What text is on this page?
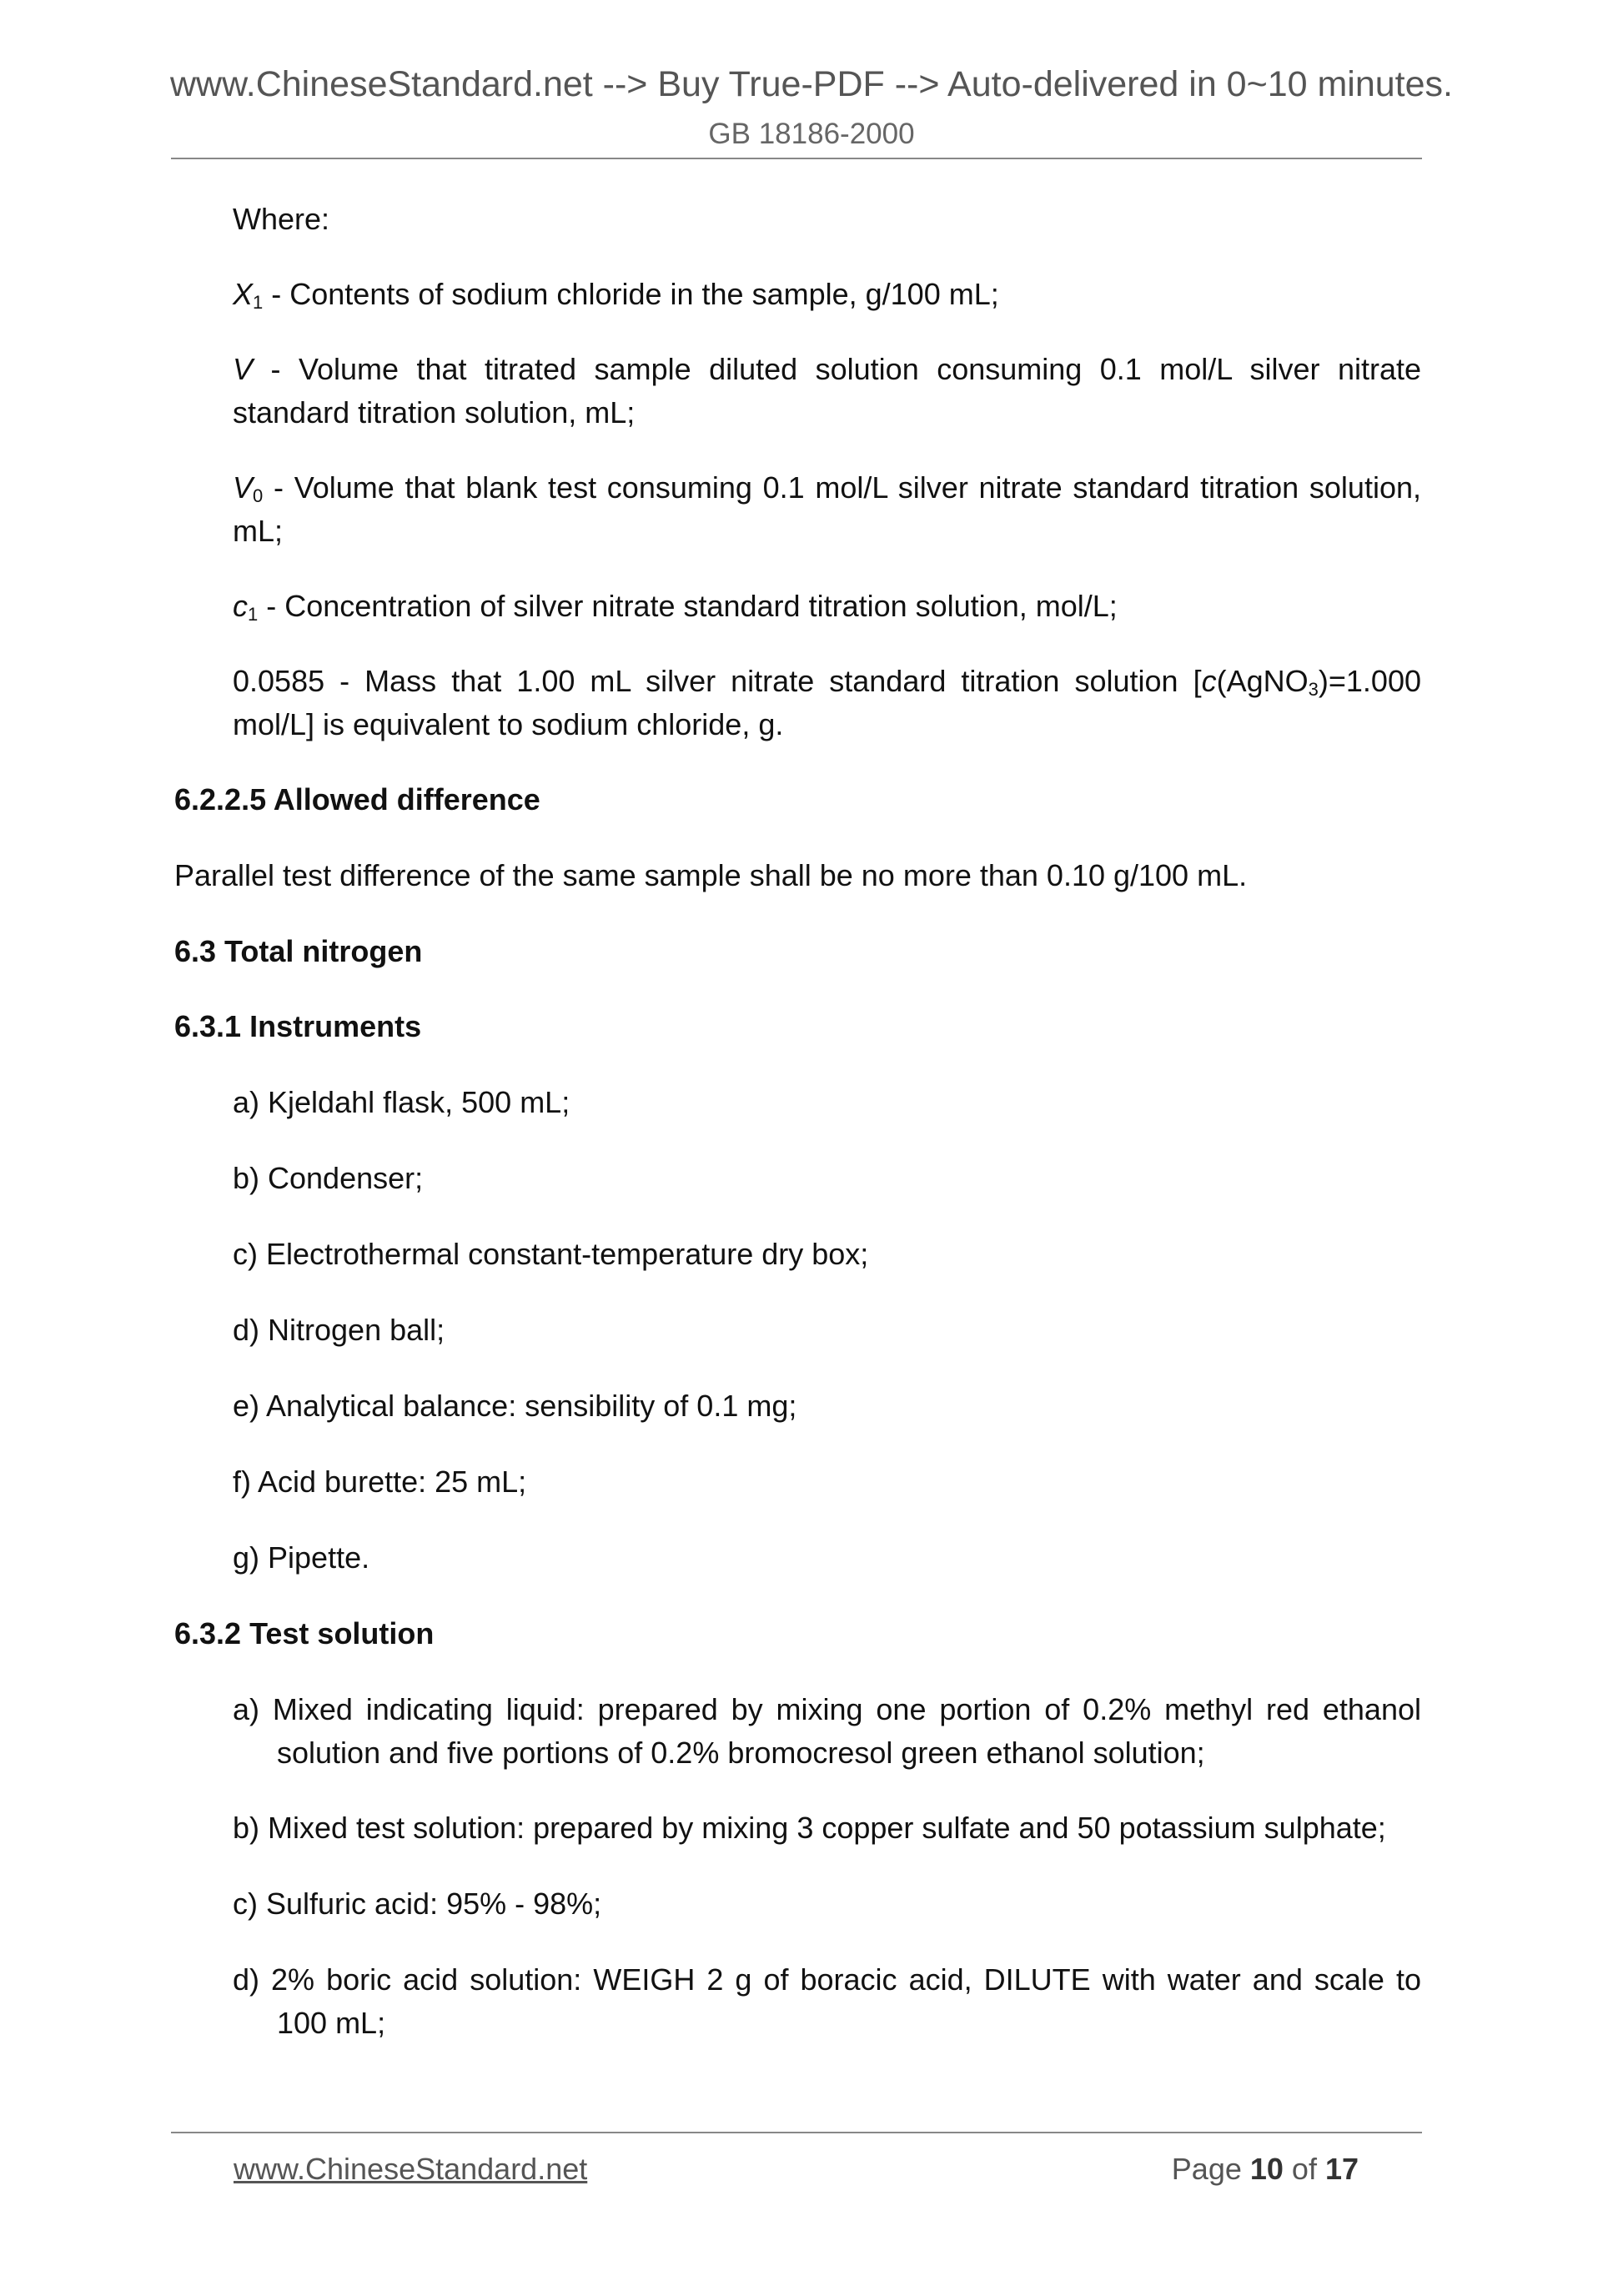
www.ChineseStandard.net --> Buy True-PDF --> Auto-delivered in 0~10 minutes.
GB 18186-2000
Where:
$X_1$ - Contents of sodium chloride in the sample, g/100 mL;
V - Volume that titrated sample diluted solution consuming 0.1 mol/L silver nitrate standard titration solution, mL;
$V_0$ - Volume that blank test consuming 0.1 mol/L silver nitrate standard titration solution, mL;
$c_1$ - Concentration of silver nitrate standard titration solution, mol/L;
0.0585 - Mass that 1.00 mL silver nitrate standard titration solution [c(AgNO$_3$)=1.000 mol/L] is equivalent to sodium chloride, g.
6.2.2.5 Allowed difference
Parallel test difference of the same sample shall be no more than 0.10 g/100 mL.
6.3 Total nitrogen
6.3.1 Instruments
a) Kjeldahl flask, 500 mL;
b) Condenser;
c) Electrothermal constant-temperature dry box;
d) Nitrogen ball;
e) Analytical balance: sensibility of 0.1 mg;
f) Acid burette: 25 mL;
g) Pipette.
6.3.2 Test solution
a) Mixed indicating liquid: prepared by mixing one portion of 0.2% methyl red ethanol solution and five portions of 0.2% bromocresol green ethanol solution;
b) Mixed test solution: prepared by mixing 3 copper sulfate and 50 potassium sulphate;
c) Sulfuric acid: 95% - 98%;
d) 2% boric acid solution: WEIGH 2 g of boracic acid, DILUTE with water and scale to 100 mL;
www.ChineseStandard.net	Page 10 of 17
